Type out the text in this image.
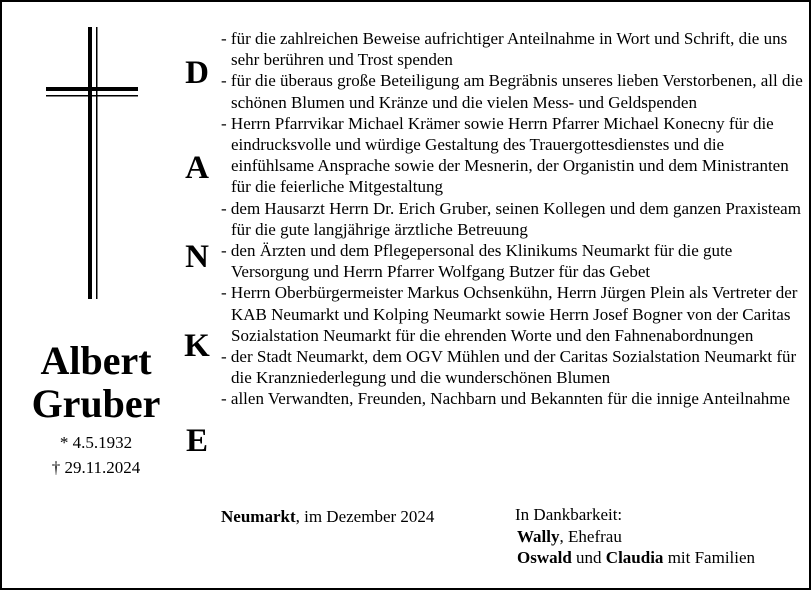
Albert
Gruber
* 4.5.1932
† 29.11.2024
D
A
N
K
E
- für die zahlreichen Beweise aufrichtiger Anteilnahme in Wort und Schrift, die uns sehr berühren und Trost spenden
- für die überaus große Beteiligung am Begräbnis unseres lieben Verstorbenen, all die schönen Blumen und Kränze und die vielen Mess- und Geldspenden
- Herrn Pfarrvikar Michael Krämer sowie Herrn Pfarrer Michael Konecny für die eindrucksvolle und würdige Gestaltung des Trauergottesdienstes und die einfühlsame Ansprache sowie der Mesnerin, der Organistin und dem Ministranten für die feierliche Mitgestaltung
- dem Hausarzt Herrn Dr. Erich Gruber, seinen Kollegen und dem ganzen Praxisteam für die gute langjährige ärztliche Betreuung
- den Ärzten und dem Pflegepersonal des Klinikums Neumarkt für die gute Versorgung und Herrn Pfarrer Wolfgang Butzer für das Gebet
- Herrn Oberbürgermeister Markus Ochsenkühn, Herrn Jürgen Plein als Vertreter der KAB Neumarkt und Kolping Neumarkt sowie Herrn Josef Bogner von der Caritas Sozialstation Neumarkt für die ehrenden Worte und den Fahnenabordnungen
- der Stadt Neumarkt, dem OGV Mühlen und der Caritas Sozialstation Neumarkt für die Kranzniederlegung und die wunderschönen Blumen
- allen Verwandten, Freunden, Nachbarn und Bekannten für die innige Anteilnahme
Neumarkt, im Dezember 2024	In Dankbarkeit:
Wally, Ehefrau
Oswald und Claudia mit Familien
